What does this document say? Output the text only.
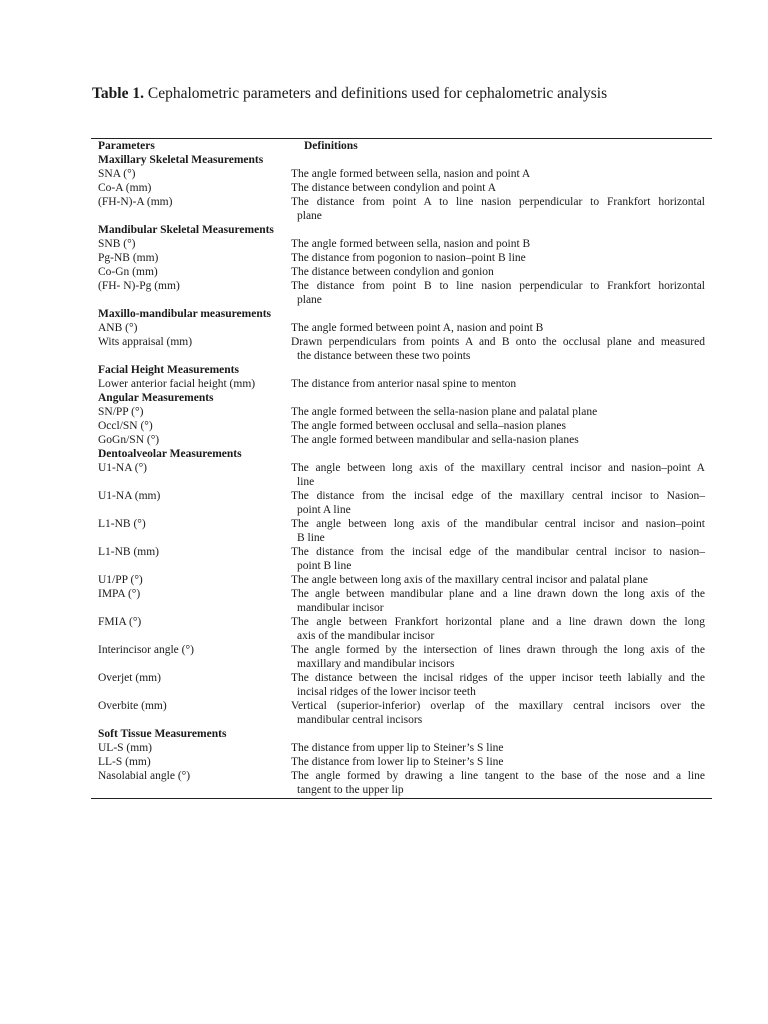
Table 1. Cephalometric parameters and definitions used for cephalometric analysis
Parameters	Definitions
Maxillary Skeletal Measurements
SNA (°)	The angle formed between sella, nasion and point A
Co-A (mm)	The distance between condylion and point A
(FH-N)-A (mm)	The distance from point A to line nasion perpendicular to Frankfort horizontal
plane
Mandibular Skeletal Measurements
SNB (°)	The angle formed between sella, nasion and point B
Pg-NB (mm)	The distance from pogonion to nasion–point B line
Co-Gn (mm)	The distance between condylion and gonion
(FH- N)-Pg (mm)	The distance from point B to line nasion perpendicular to Frankfort horizontal
plane
Maxillo-mandibular measurements
ANB (°)	The angle formed between point A, nasion and point B
Wits appraisal (mm)	Drawn perpendiculars from points A and B onto the occlusal plane and measured
the distance between these two points
Facial Height Measurements
Lower anterior facial height (mm)	The distance from anterior nasal spine to menton
Angular Measurements
SN/PP (°)	The angle formed between the sella-nasion plane and palatal plane
Occl/SN (°)	The angle formed between occlusal and sella–nasion planes
GoGn/SN (°)	The angle formed between mandibular and sella-nasion planes
Dentoalveolar Measurements
U1-NA (°)	The angle between long axis of the maxillary central incisor and nasion–point A
line
U1-NA (mm)	The distance from the incisal edge of the maxillary central incisor to Nasion–
point A line
L1-NB (°)	The angle between long axis of the mandibular central incisor and nasion–point
B line
L1-NB (mm)	The distance from the incisal edge of the mandibular central incisor to nasion–
point B line
U1/PP (°)	The angle between long axis of the maxillary central incisor and palatal plane
IMPA (°)	The angle between mandibular plane and a line drawn down the long axis of the
mandibular incisor
FMIA (°)	The angle between Frankfort horizontal plane and a line drawn down the long
axis of the mandibular incisor
Interincisor angle (°)	The angle formed by the intersection of lines drawn through the long axis of the
maxillary and mandibular incisors
Overjet (mm)	The distance between the incisal ridges of the upper incisor teeth labially and the
incisal ridges of the lower incisor teeth
Overbite (mm)	Vertical (superior-inferior) overlap of the maxillary central incisors over the
mandibular central incisors
Soft Tissue Measurements
UL-S (mm)	The distance from upper lip to Steiner’s S line
LL-S (mm)	The distance from lower lip to Steiner’s S line
Nasolabial angle (°)	The angle formed by drawing a line tangent to the base of the nose and a line
tangent to the upper lip
